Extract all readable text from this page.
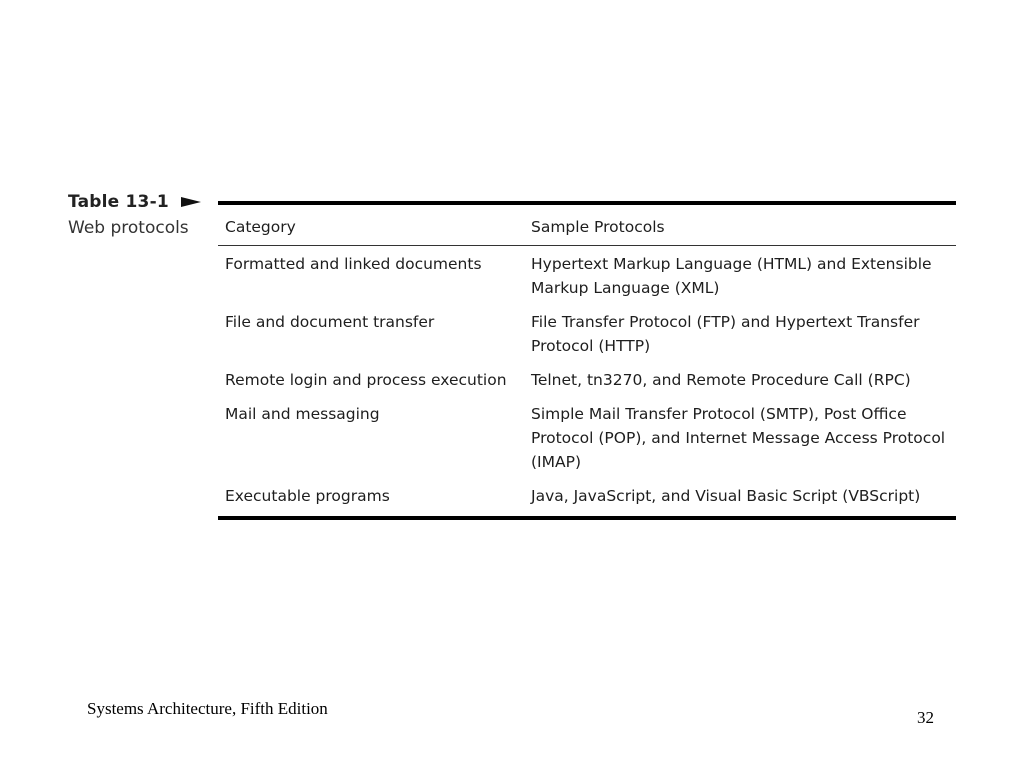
Table 13-1
Web protocols	Category	Sample Protocols
Formatted and linked documents	Hypertext Markup Language (HTML) and Extensible Markup Language (XML)
File and document transfer	File Transfer Protocol (FTP) and Hypertext Transfer Protocol (HTTP)
Remote login and process execution	Telnet, tn3270, and Remote Procedure Call (RPC)
Mail and messaging	Simple Mail Transfer Protocol (SMTP), Post Office Protocol (POP), and Internet Message Access Protocol (IMAP)
Executable programs	Java, JavaScript, and Visual Basic Script (VBScript)
Systems Architecture, Fifth Edition	32
